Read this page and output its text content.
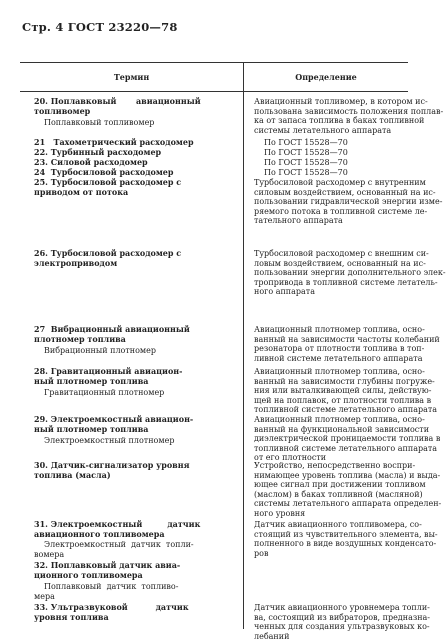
Стр. 4 ГОСТ 23220—78
Термин	Определение
20. Поплавковый       авиационный
топливомер
Поплавковый топливомер
21   Тахометрический расходомер
22. Турбинный расходомер
23. Силовой расходомер
24  Турбосиловой расходомер
25. Турбосиловой расходомер с
приводом от потока
26. Турбосиловой расходомер с
электроприводом
27  Вибрационный авиационный
плотномер топлива
Вибрационный плотномер
28. Гравитационный авиацион-
ный плотномер топлива
Гравитационный плотномер
29. Электроемкостный авиацион-
ный плотномер топлива
Электроемкостный плотномер
30. Датчик-сигнализатор уровня
топлива (масла)
31. Электроемкостный         датчик
авиационного топливомера
Электроемкостный  датчик  топли-
вомера
32. Поплавковый датчик авиа-
ционного топливомера
Поплавковый  датчик  топливо-
мера
33. Ультразвуковой          датчик
уровня топлива
Авиационный топливомер, в котором ис-
пользована зависимость положения поплав-
ка от запаса топлива в баках топливной
системы летательного аппарата
По ГОСТ 15528—70
По ГОСТ 15528—70
По ГОСТ 15528—70
По ГОСТ 15528—70
Турбосиловой расходомер с внутренним
силовым воздействием, основанный на ис-
пользовании гидравлической энергии изме-
ряемого потока в топливной системе ле-
тательного аппарата
Турбосиловой расходомер с внешним си-
ловым воздействием, основанный на ис-
пользовании энергии дополнительного элек-
тропривода в топливной системе летатель-
ного аппарата
Авиационный плотномер топлива, осно-
ванный на зависимости частоты колебаний
резонатора от плотности топлива в топ-
ливной системе летательного аппарата
Авиационный плотномер топлива, осно-
ванный на зависимости глубины погруже-
ния или выталкивающей силы, действую-
щей на поплавок, от плотности топлива в
топливной системе летательного аппарата
Авиационный плотномер топлива, осно-
ванный на функциональной зависимости
диэлектрической проницаемости топлива в
топливной системе летательного аппарата
от его плотности
Устройство, непосредственно воспри-
нимающее уровень топлива (масла) и выда-
ющее сигнал при достижении топливом
(маслом) в баках топливной (масляной)
системы летательного аппарата определен-
ного уровня
Датчик авиационного топливомера, со-
стоящий из чувствительного элемента, вы-
полненного в виде воздушных конденсато-
ров
Датчик авиационного уровнемера топли-
ва, состоящий из вибраторов, предназна-
ченных для создания ультразвуковых ко-
лебаний
